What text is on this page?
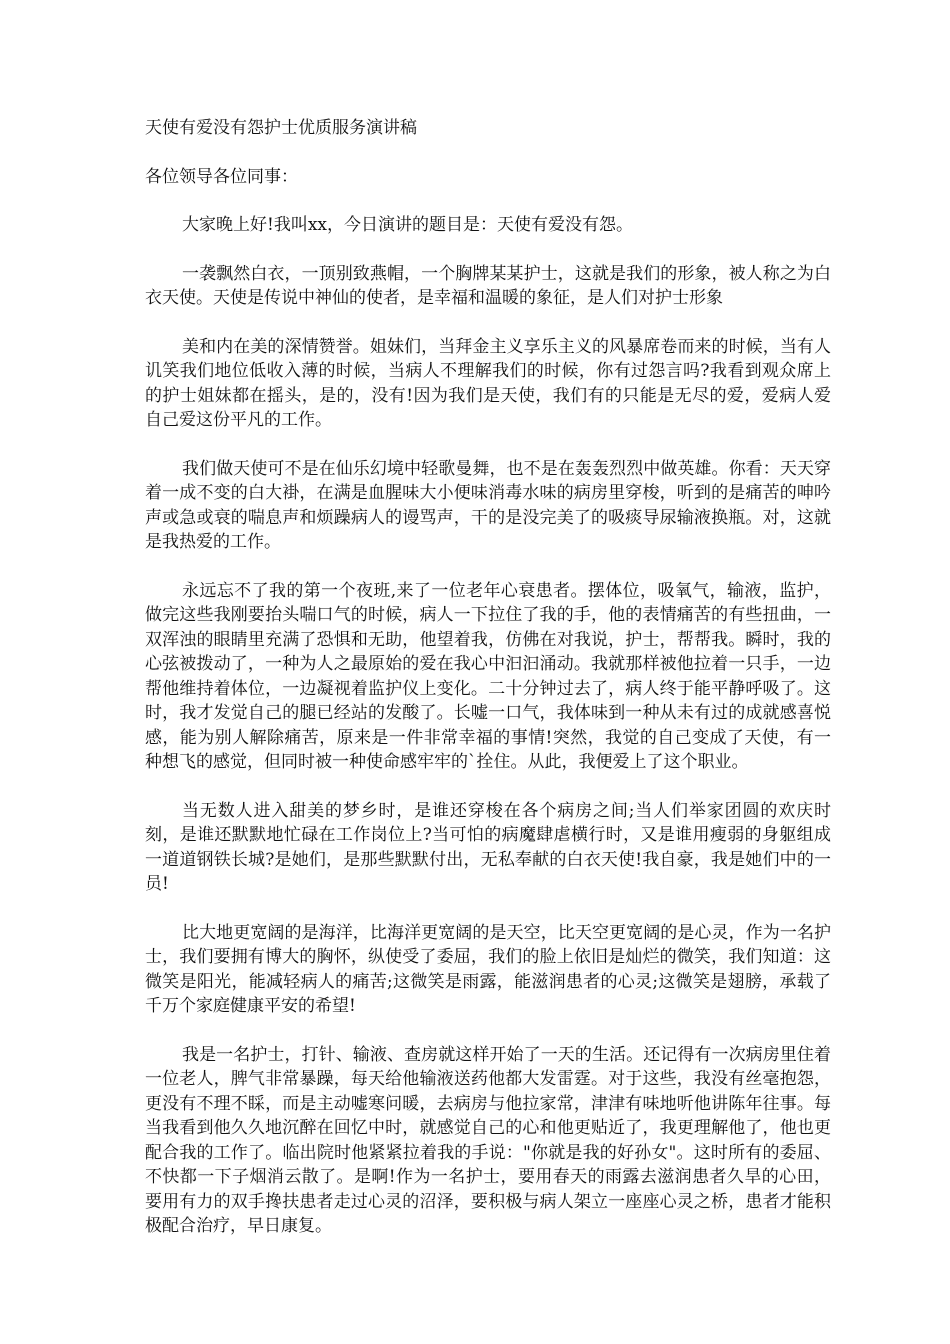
天使有爱没有怨护士优质服务演讲稿

各位领导各位同事：

大家晚上好!我叫xx，今日演讲的题目是：天使有爱没有怨。

一袭飘然白衣，一顶别致燕帽，一个胸牌某某护士，这就是我们的形象，被人称之为白衣天使。天使是传说中神仙的使者，是幸福和温暖的象征，是人们对护士形象

美和内在美的深情赞誉。姐妹们，当拜金主义享乐主义的风暴席卷而来的时候，当有人讥笑我们地位低收入薄的时候，当病人不理解我们的时候，你有过怨言吗?我看到观众席上的护士姐妹都在摇头，是的，没有!因为我们是天使，我们有的只能是无尽的爱，爱病人爱自己爱这份平凡的工作。

我们做天使可不是在仙乐幻境中轻歌曼舞，也不是在轰轰烈烈中做英雄。你看：天天穿着一成不变的白大褂，在满是血腥味大小便味消毒水味的病房里穿梭，听到的是痛苦的呻吟声或急或衰的喘息声和烦躁病人的谩骂声，干的是没完美了的吸痰导尿输液换瓶。对，这就是我热爱的工作。

永远忘不了我的第一个夜班,来了一位老年心衰患者。摆体位，吸氧气，输液，监护，做完这些我刚要抬头喘口气的时候，病人一下拉住了我的手，他的表情痛苦的有些扭曲，一双浑浊的眼睛里充满了恐惧和无助，他望着我，仿佛在对我说，护士，帮帮我。瞬时，我的心弦被拨动了，一种为人之最原始的爱在我心中汩汩涌动。我就那样被他拉着一只手，一边帮他维持着体位，一边凝视着监护仪上变化。二十分钟过去了，病人终于能平静呼吸了。这时，我才发觉自己的腿已经站的发酸了。长嘘一口气，我体味到一种从未有过的成就感喜悦感，能为别人解除痛苦，原来是一件非常幸福的事情!突然，我觉的自己变成了天使，有一种想飞的感觉，但同时被一种使命感牢牢的`拴住。从此，我便爱上了这个职业。

当无数人进入甜美的梦乡时，是谁还穿梭在各个病房之间;当人们举家团圆的欢庆时刻，是谁还默默地忙碌在工作岗位上?当可怕的病魔肆虐横行时，又是谁用瘦弱的身躯组成一道道钢铁长城?是她们，是那些默默付出，无私奉献的白衣天使!我自豪，我是她们中的一员!

比大地更宽阔的是海洋，比海洋更宽阔的是天空，比天空更宽阔的是心灵，作为一名护士，我们要拥有博大的胸怀，纵使受了委屈，我们的脸上依旧是灿烂的微笑，我们知道：这微笑是阳光，能减轻病人的痛苦;这微笑是雨露，能滋润患者的心灵;这微笑是翅膀，承载了千万个家庭健康平安的希望!

我是一名护士，打针、输液、查房就这样开始了一天的生活。还记得有一次病房里住着一位老人，脾气非常暴躁，每天给他输液送药他都大发雷霆。对于这些，我没有丝毫抱怨，更没有不理不睬，而是主动嘘寒问暖，去病房与他拉家常，津津有味地听他讲陈年往事。每当我看到他久久地沉醉在回忆中时，就感觉自己的心和他更贴近了，我更理解他了，他也更配合我的工作了。临出院时他紧紧拉着我的手说："你就是我的好孙女"。这时所有的委屈、不快都一下子烟消云散了。是啊!作为一名护士，要用春天的雨露去滋润患者久旱的心田，要用有力的双手搀扶患者走过心灵的沼泽，要积极与病人架立一座座心灵之桥，患者才能积极配合治疗，早日康复。
